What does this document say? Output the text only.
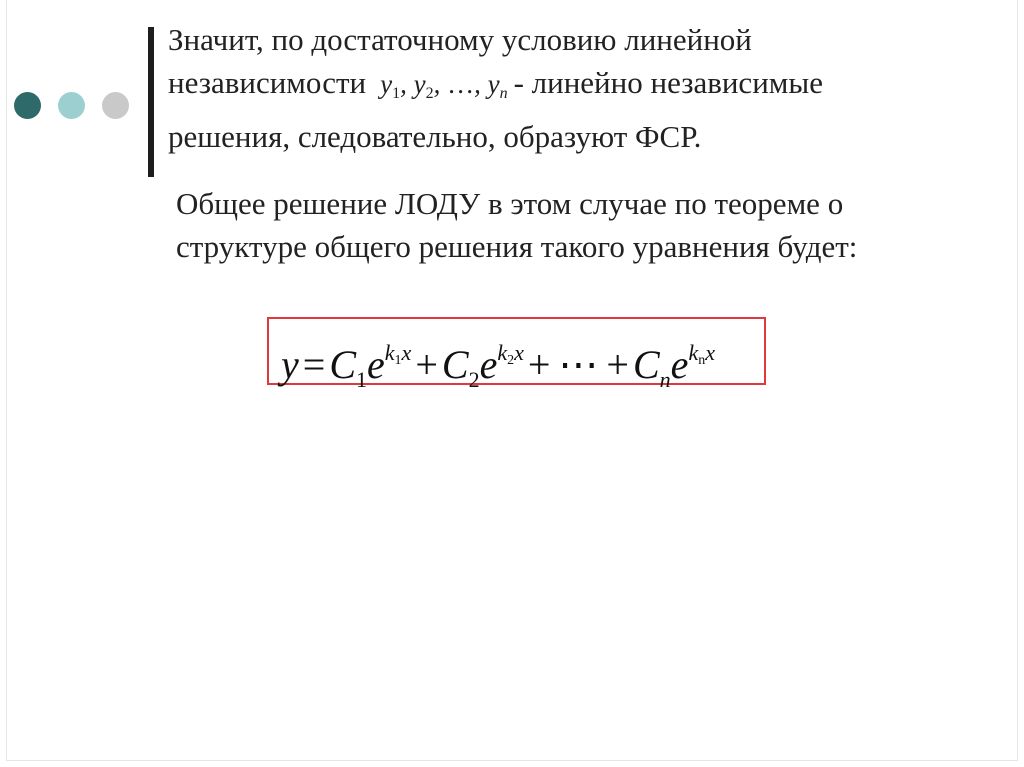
Значит, по достаточному условию линейной
независимости $y_1$, $y_2$, …, $y_n$ - линейно независимые
решения, следовательно, образуют ФСР.
Общее решение ЛОДУ в этом случае по теореме о
структуре общего решения такого уравнения будет:
$y = C_1e^{k_1x} + C_2e^{k_2x}$ + ⋯ + $C_ne^{k_nx}$
